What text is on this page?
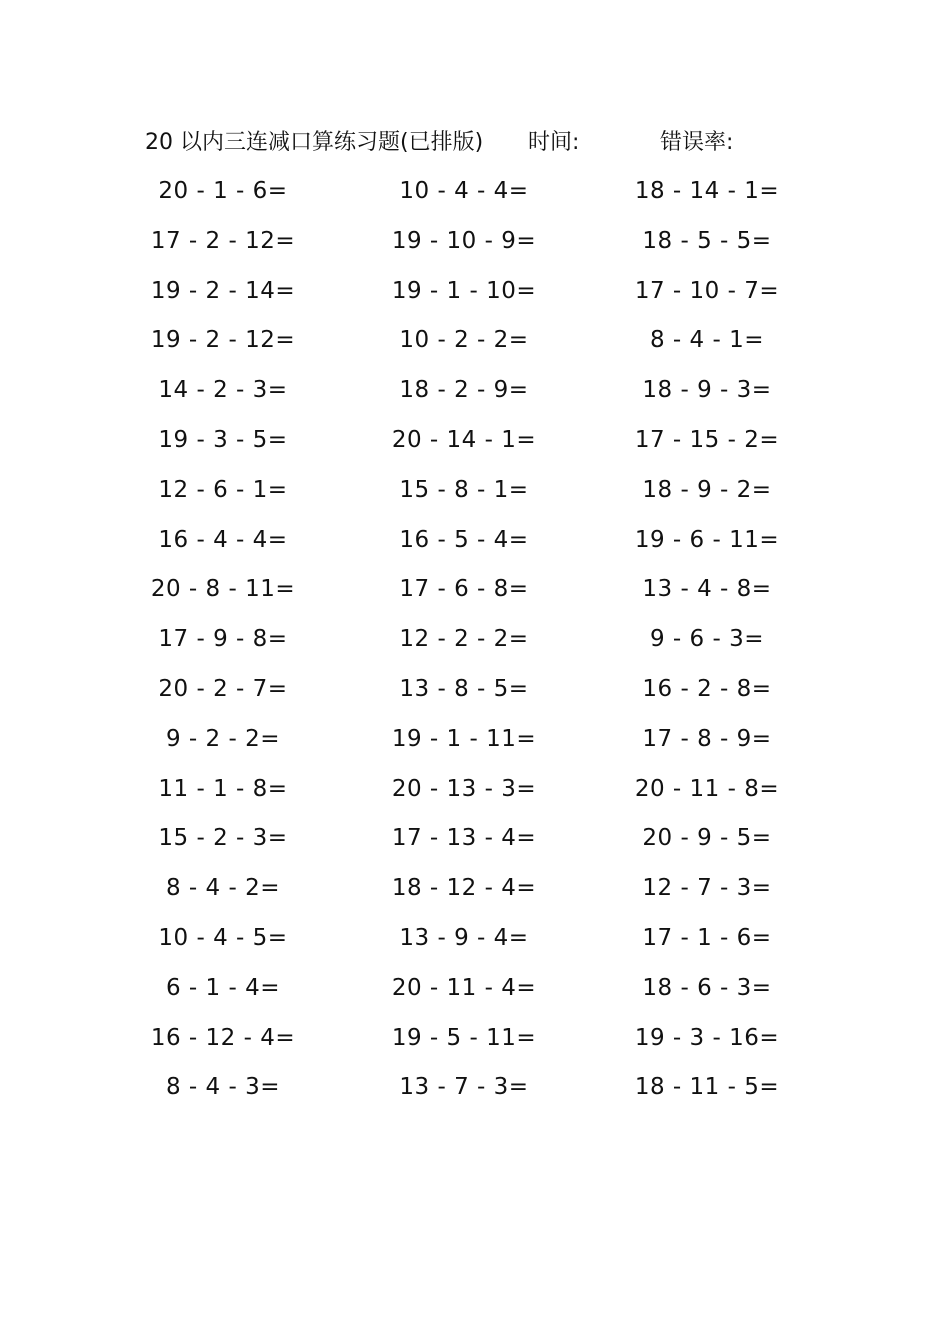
20 以内三连减口算练习题(已排版) 时间:	错误率:
20 - 1 - 6=	10 - 4 - 4=	18 - 14 - 1=
17 - 2 - 12=	19 - 10 - 9=	18 - 5 - 5=
19 - 2 - 14=	19 - 1 - 10=	17 - 10 - 7=
19 - 2 - 12=	10 - 2 - 2=	8 - 4 - 1=
14 - 2 - 3=	18 - 2 - 9=	18 - 9 - 3=
19 - 3 - 5=	20 - 14 - 1=	17 - 15 - 2=
12 - 6 - 1=	15 - 8 - 1=	18 - 9 - 2=
16 - 4 - 4=	16 - 5 - 4=	19 - 6 - 11=
20 - 8 - 11=	17 - 6 - 8=	13 - 4 - 8=
17 - 9 - 8=	12 - 2 - 2=	9 - 6 - 3=
20 - 2 - 7=	13 - 8 - 5=	16 - 2 - 8=
9 - 2 - 2=	19 - 1 - 11=	17 - 8 - 9=
11 - 1 - 8=	20 - 13 - 3=	20 - 11 - 8=
15 - 2 - 3=	17 - 13 - 4=	20 - 9 - 5=
8 - 4 - 2=	18 - 12 - 4=	12 - 7 - 3=
10 - 4 - 5=	13 - 9 - 4=	17 - 1 - 6=
6 - 1 - 4=	20 - 11 - 4=	18 - 6 - 3=
16 - 12 - 4=	19 - 5 - 11=	19 - 3 - 16=
8 - 4 - 3=	13 - 7 - 3=	18 - 11 - 5=
